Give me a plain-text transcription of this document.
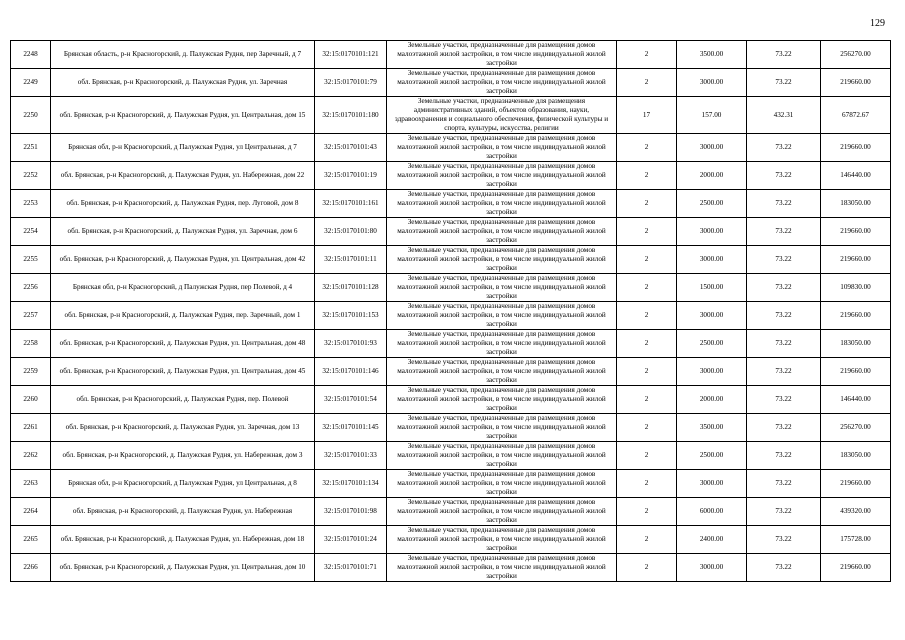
129
2248	Брянская область, р-н Красногорский, д. Палужская Рудня, пер Заречный, д 7	32:15:0170101:121	Земельные участки, предназначенные для размещения домов малоэтажной жилой застройки, в том числе индивидуальной жилой застройки	2	3500.00	73.22	256270.00
2249	обл. Брянская, р-н Красногорский, д. Палужская Рудня, ул. Заречная	32:15:0170101:79	Земельные участки, предназначенные для размещения домов малоэтажной жилой застройки, в том числе индивидуальной жилой застройки	2	3000.00	73.22	219660.00
2250	обл. Брянская, р-н Красногорский, д. Палужская Рудня, ул. Центральная, дом 15	32:15:0170101:180	Земельные участки, предназначенные для размещения административных зданий, объектов образования, науки, здравоохранения и социального обеспечения, физической культуры и спорта, культуры, искусства, религии	17	157.00	432.31	67872.67
2251	Брянская обл, р-н Красногорский, д Палужская Рудня, ул Центральная, д 7	32:15:0170101:43	Земельные участки, предназначенные для размещения домов малоэтажной жилой застройки, в том числе индивидуальной жилой застройки	2	3000.00	73.22	219660.00
2252	обл. Брянская, р-н Красногорский, д. Палужская Рудня, ул. Набережная, дом 22	32:15:0170101:19	Земельные участки, предназначенные для размещения домов малоэтажной жилой застройки, в том числе индивидуальной жилой застройки	2	2000.00	73.22	146440.00
2253	обл. Брянская, р-н Красногорский, д. Палужская Рудня, пер. Луговой, дом 8	32:15:0170101:161	Земельные участки, предназначенные для размещения домов малоэтажной жилой застройки, в том числе индивидуальной жилой застройки	2	2500.00	73.22	183050.00
2254	обл. Брянская, р-н Красногорский, д. Палужская Рудня, ул. Заречная, дом 6	32:15:0170101:80	Земельные участки, предназначенные для размещения домов малоэтажной жилой застройки, в том числе индивидуальной жилой застройки	2	3000.00	73.22	219660.00
2255	обл. Брянская, р-н Красногорский, д. Палужская Рудня, ул. Центральная, дом 42	32:15:0170101:11	Земельные участки, предназначенные для размещения домов малоэтажной жилой застройки, в том числе индивидуальной жилой застройки	2	3000.00	73.22	219660.00
2256	Брянская обл, р-н Красногорский, д Палужская Рудня, пер Полевой, д 4	32:15:0170101:128	Земельные участки, предназначенные для размещения домов малоэтажной жилой застройки, в том числе индивидуальной жилой застройки	2	1500.00	73.22	109830.00
2257	обл. Брянская, р-н Красногорский, д. Палужская Рудня, пер. Заречный, дом 1	32:15:0170101:153	Земельные участки, предназначенные для размещения домов малоэтажной жилой застройки, в том числе индивидуальной жилой застройки	2	3000.00	73.22	219660.00
2258	обл. Брянская, р-н Красногорский, д. Палужская Рудня, ул. Центральная, дом 48	32:15:0170101:93	Земельные участки, предназначенные для размещения домов малоэтажной жилой застройки, в том числе индивидуальной жилой застройки	2	2500.00	73.22	183050.00
2259	обл. Брянская, р-н Красногорский, д. Палужская Рудня, ул. Центральная, дом 45	32:15:0170101:146	Земельные участки, предназначенные для размещения домов малоэтажной жилой застройки, в том числе индивидуальной жилой застройки	2	3000.00	73.22	219660.00
2260	обл. Брянская, р-н Красногорский, д. Палужская Рудня, пер. Полевой	32:15:0170101:54	Земельные участки, предназначенные для размещения домов малоэтажной жилой застройки, в том числе индивидуальной жилой застройки	2	2000.00	73.22	146440.00
2261	обл. Брянская, р-н Красногорский, д. Палужская Рудня, ул. Заречная, дом 13	32:15:0170101:145	Земельные участки, предназначенные для размещения домов малоэтажной жилой застройки, в том числе индивидуальной жилой застройки	2	3500.00	73.22	256270.00
2262	обл. Брянская, р-н Красногорский, д. Палужская Рудня, ул. Набережная, дом 3	32:15:0170101:33	Земельные участки, предназначенные для размещения домов малоэтажной жилой застройки, в том числе индивидуальной жилой застройки	2	2500.00	73.22	183050.00
2263	Брянская обл, р-н Красногорский, д Палужская Рудня, ул Центральная, д 8	32:15:0170101:134	Земельные участки, предназначенные для размещения домов малоэтажной жилой застройки, в том числе индивидуальной жилой застройки	2	3000.00	73.22	219660.00
2264	обл. Брянская, р-н Красногорский, д. Палужская Рудня, ул. Набережная	32:15:0170101:98	Земельные участки, предназначенные для размещения домов малоэтажной жилой застройки, в том числе индивидуальной жилой застройки	2	6000.00	73.22	439320.00
2265	обл. Брянская, р-н Красногорский, д. Палужская Рудня, ул. Набережная, дом 18	32:15:0170101:24	Земельные участки, предназначенные для размещения домов малоэтажной жилой застройки, в том числе индивидуальной жилой застройки	2	2400.00	73.22	175728.00
2266	обл. Брянская, р-н Красногорский, д. Палужская Рудня, ул. Центральная, дом 10	32:15:0170101:71	Земельные участки, предназначенные для размещения домов малоэтажной жилой застройки, в том числе индивидуальной жилой застройки	2	3000.00	73.22	219660.00
